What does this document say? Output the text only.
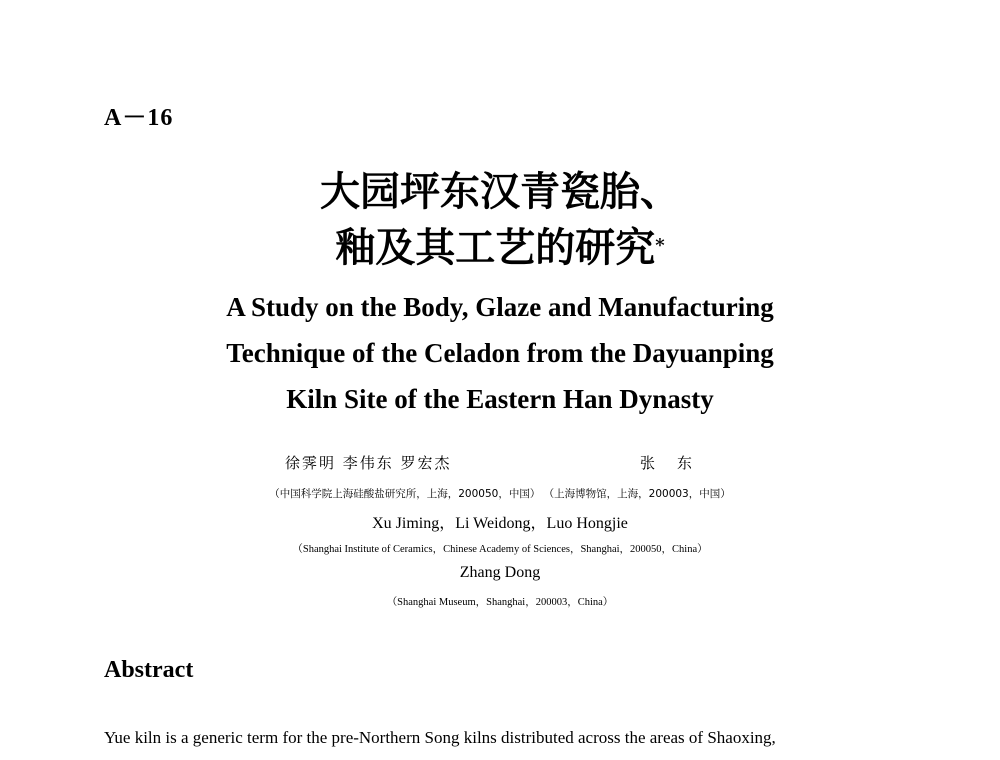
A－16
大园坪东汉青瓷胎、
釉及其工艺的研究*
A Study on the Body, Glaze and Manufacturing
Technique of the Celadon from the Dayuanping
Kiln Site of the Eastern Han Dynasty
徐霁明 李伟东 罗宏杰	张东
（中国科学院上海硅酸盐研究所，上海，200050，中国） （上海博物馆，上海，200003，中国）
Xu Jiming，Li Weidong，Luo Hongjie
（Shanghai Institute of Ceramics，Chinese Academy of Sciences，Shanghai，200050，China）
Zhang Dong
（Shanghai Museum，Shanghai，200003，China）
Abstract
Yue kiln is a generic term for the pre-Northern Song kilns distributed across the areas of Shaoxing,
